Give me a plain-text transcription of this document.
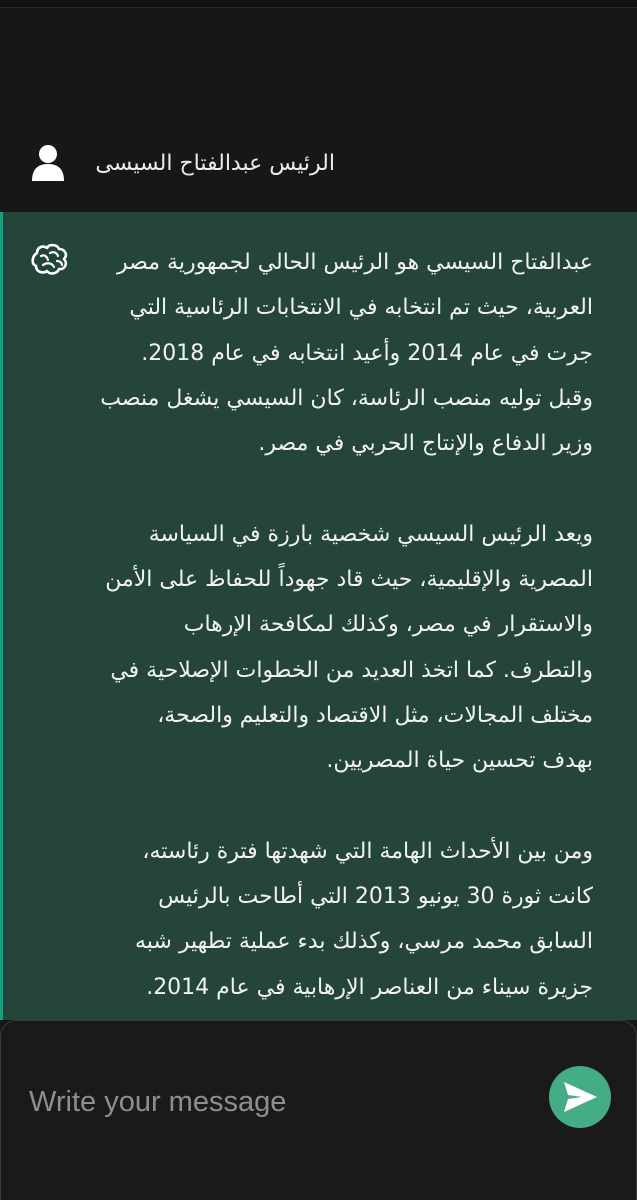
الرئيس عبدالفتاح السيسى

عبدالفتاح السيسي هو الرئيس الحالي لجمهورية مصر
العربية، حيث تم انتخابه في الانتخابات الرئاسية التي
جرت في عام 2014 وأعيد انتخابه في عام 2018.
وقبل توليه منصب الرئاسة، كان السيسي يشغل منصب
وزير الدفاع والإنتاج الحربي في مصر.

ويعد الرئيس السيسي شخصية بارزة في السياسة
المصرية والإقليمية، حيث قاد جهوداً للحفاظ على الأمن
والاستقرار في مصر، وكذلك لمكافحة الإرهاب
والتطرف. كما اتخذ العديد من الخطوات الإصلاحية في
مختلف المجالات، مثل الاقتصاد والتعليم والصحة،
بهدف تحسين حياة المصريين.

ومن بين الأحداث الهامة التي شهدتها فترة رئاسته،
كانت ثورة 30 يونيو 2013 التي أطاحت بالرئيس
السابق محمد مرسي، وكذلك بدء عملية تطهير شبه
جزيرة سيناء من العناصر الإرهابية في عام 2014.

Write your message
